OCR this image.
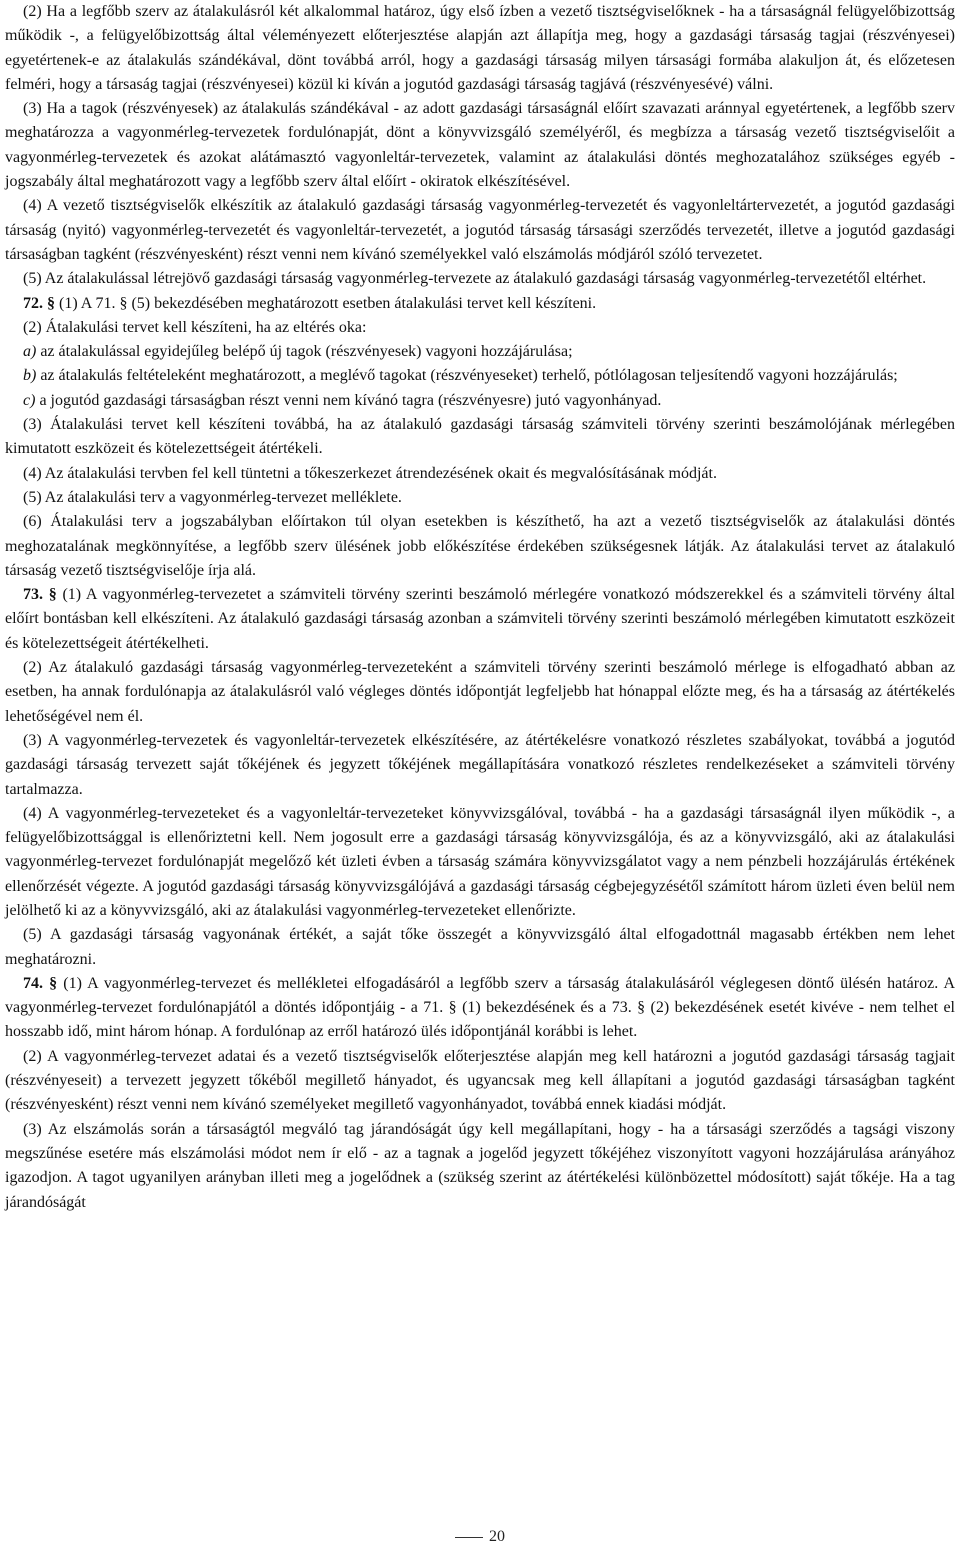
(2) Ha a legfőbb szerv az átalakulásról két alkalommal határoz, úgy első ízben a vezető tisztségviselőknek - ha a társaságnál felügyelőbizottság működik -, a felügyelőbizottság által véleményezett előterjesztése alapján azt állapítja meg, hogy a gazdasági társaság tagjai (részvényesei) egyetértenek-e az átalakulás szándékával, dönt továbbá arról, hogy a gazdasági társaság milyen társasági formába alakuljon át, és előzetesen felméri, hogy a társaság tagjai (részvényesei) közül ki kíván a jogutód gazdasági társaság tagjává (részvényesévé) válni.

(3) Ha a tagok (részvényesek) az átalakulás szándékával - az adott gazdasági társaságnál előírt szavazati aránnyal egyetértenek, a legfőbb szerv meghatározza a vagyonmérleg-tervezetek fordulónapját, dönt a könyvvizsgáló személyéről, és megbízza a társaság vezető tisztségviselőit a vagyonmérleg-tervezetek és azokat alátámasztó vagyonleltár-tervezetek, valamint az átalakulási döntés meghozatalához szükséges egyéb - jogszabály által meghatározott vagy a legfőbb szerv által előírt - okiratok elkészítésével.

(4) A vezető tisztségviselők elkészítik az átalakuló gazdasági társaság vagyonmérleg-tervezetét és vagyonleltártervezetét, a jogutód gazdasági társaság (nyitó) vagyonmérleg-tervezetét és vagyonleltár-tervezetét, a jogutód társaság társasági szerződés tervezetét, illetve a jogutód gazdasági társaságban tagként (részvényesként) részt venni nem kívánó személyekkel való elszámolás módjáról szóló tervezetet.

(5) Az átalakulással létrejövő gazdasági társaság vagyonmérleg-tervezete az átalakuló gazdasági társaság vagyonmérleg-tervezetétől eltérhet.

72. § (1) A 71. § (5) bekezdésében meghatározott esetben átalakulási tervet kell készíteni.

(2) Átalakulási tervet kell készíteni, ha az eltérés oka:

a) az átalakulással egyidejűleg belépő új tagok (részvényesek) vagyoni hozzájárulása;

b) az átalakulás feltételeként meghatározott, a meglévő tagokat (részvényeseket) terhelő, pótlólagosan teljesítendő vagyoni hozzájárulás;

c) a jogutód gazdasági társaságban részt venni nem kívánó tagra (részvényesre) jutó vagyonhányad.

(3) Átalakulási tervet kell készíteni továbbá, ha az átalakuló gazdasági társaság számviteli törvény szerinti beszámolójának mérlegében kimutatott eszközeit és kötelezettségeit átértékeli.

(4) Az átalakulási tervben fel kell tüntetni a tőkeszerkezet átrendezésének okait és megvalósításának módját.

(5) Az átalakulási terv a vagyonmérleg-tervezet melléklete.

(6) Átalakulási terv a jogszabályban előírtakon túl olyan esetekben is készíthető, ha azt a vezető tisztségviselők az átalakulási döntés meghozatalának megkönnyítése, a legfőbb szerv ülésének jobb előkészítése érdekében szükségesnek látják. Az átalakulási tervet az átalakuló társaság vezető tisztségviselője írja alá.

73. § (1) A vagyonmérleg-tervezetet a számviteli törvény szerinti beszámoló mérlegére vonatkozó módszerekkel és a számviteli törvény által előírt bontásban kell elkészíteni. Az átalakuló gazdasági társaság azonban a számviteli törvény szerinti beszámoló mérlegében kimutatott eszközeit és kötelezettségeit átértékelheti.

(2) Az átalakuló gazdasági társaság vagyonmérleg-tervezeteként a számviteli törvény szerinti beszámoló mérlege is elfogadható abban az esetben, ha annak fordulónapja az átalakulásról való végleges döntés időpontját legfeljebb hat hónappal előzte meg, és ha a társaság az átértékelés lehetőségével nem él.

(3) A vagyonmérleg-tervezetek és vagyonleltár-tervezetek elkészítésére, az átértékelésre vonatkozó részletes szabályokat, továbbá a jogutód gazdasági társaság tervezett saját tőkéjének és jegyzett tőkéjének megállapítására vonatkozó részletes rendelkezéseket a számviteli törvény tartalmazza.

(4) A vagyonmérleg-tervezeteket és a vagyonleltár-tervezeteket könyvvizsgálóval, továbbá - ha a gazdasági társaságnál ilyen működik -, a felügyelőbizottsággal is ellenőriztetni kell. Nem jogosult erre a gazdasági társaság könyvvizsgálója, és az a könyvvizsgáló, aki az átalakulási vagyonmérleg-tervezet fordulónapját megelőző két üzleti évben a társaság számára könyvvizsgálatot vagy a nem pénzbeli hozzájárulás értékének ellenőrzését végezte. A jogutód gazdasági társaság könyvvizsgálójává a gazdasági társaság cégbejegyzésétől számított három üzleti éven belül nem jelölhető ki az a könyvvizsgáló, aki az átalakulási vagyonmérleg-tervezeteket ellenőrizte.

(5) A gazdasági társaság vagyonának értékét, a saját tőke összegét a könyvvizsgáló által elfogadottnál magasabb értékben nem lehet meghatározni.

74. § (1) A vagyonmérleg-tervezet és mellékletei elfogadásáról a legfőbb szerv a társaság átalakulásáról véglegesen döntő ülésén határoz. A vagyonmérleg-tervezet fordulónapjától a döntés időpontjáig - a 71. § (1) bekezdésének és a 73. § (2) bekezdésének esetét kivéve - nem telhet el hosszabb idő, mint három hónap. A fordulónap az erről határozó ülés időpontjánál korábbi is lehet.

(2) A vagyonmérleg-tervezet adatai és a vezető tisztségviselők előterjesztése alapján meg kell határozni a jogutód gazdasági társaság tagjait (részvényeseit) a tervezett jegyzett tőkéből megillető hányadot, és ugyancsak meg kell állapítani a jogutód gazdasági társaságban tagként (részvényesként) részt venni nem kívánó személyeket megillető vagyonhányadot, továbbá ennek kiadási módját.

(3) Az elszámolás során a társaságtól megváló tag járandóságát úgy kell megállapítani, hogy - ha a társasági szerződés a tagsági viszony megszűnése esetére más elszámolási módot nem ír elő - az a tagnak a jogelőd jegyzett tőkéjéhez viszonyított vagyoni hozzájárulása arányához igazodjon. A tagot ugyanilyen arányban illeti meg a jogelődnek a (szükség szerint az átértékelési különbözettel módosított) saját tőkéje. Ha a tag járandóságát

20
